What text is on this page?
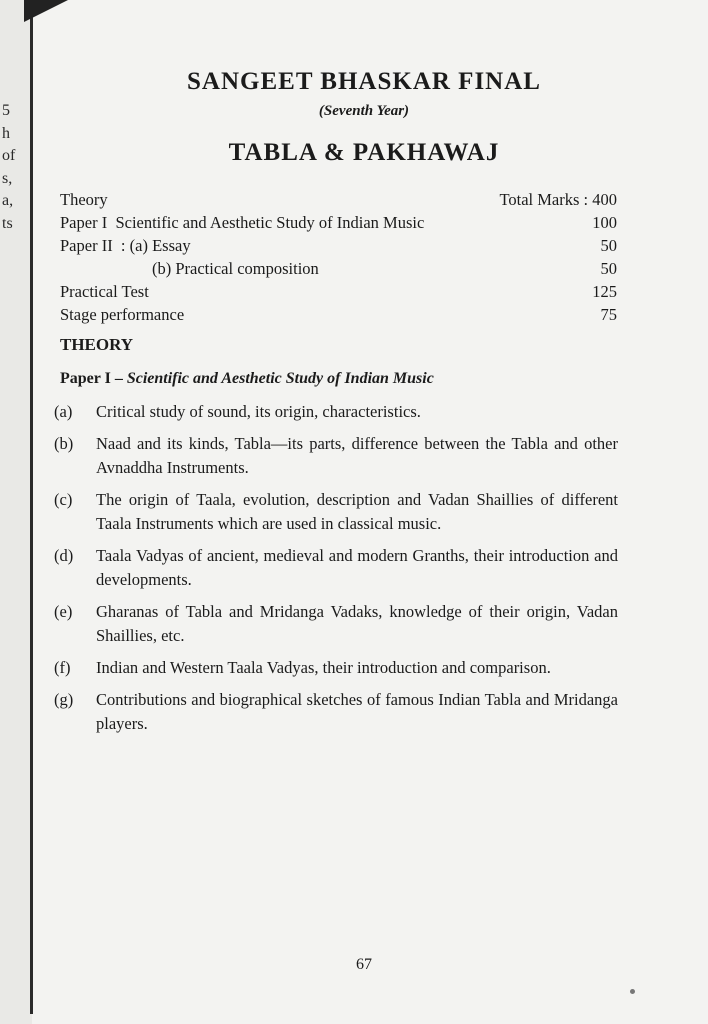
5
h
of
s,
a,
ts
SANGEET BHASKAR FINAL

(Seventh Year)

TABLA & PAKHAWAJ
Theory	Total Marks : 400
Paper I  Scientific and Aesthetic Study of Indian Music	100
Paper II  : (a) Essay	50
(b) Practical composition	50
Practical Test	125
Stage performance	75
THEORY

Paper I – Scientific and Aesthetic Study of Indian Music

(a)	Critical study of sound, its origin, characteristics.
(b)	Naad and its kinds, Tabla—its parts, difference between the Tabla and other Avnaddha Instruments.
(c)	The origin of Taala, evolution, description and Vadan Shaillies of different Taala Instruments which are used in classical music.
(d)	Taala Vadyas of ancient, medieval and modern Granths, their introduction and developments.
(e)	Gharanas of Tabla and Mridanga Vadaks, knowledge of their origin, Vadan Shaillies, etc.
(f)	Indian and Western Taala Vadyas, their introduction and comparison.
(g)	Contributions and biographical sketches of famous Indian Tabla and Mridanga players.
67
